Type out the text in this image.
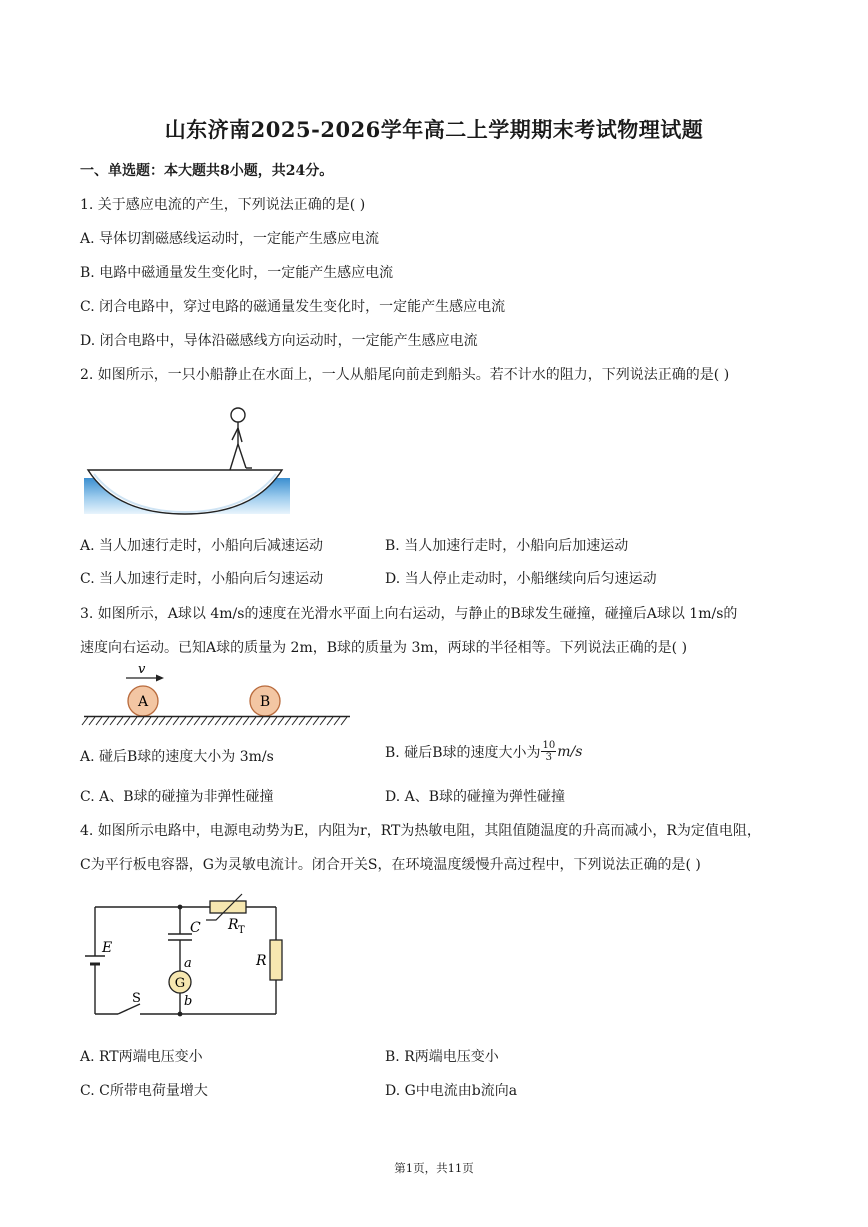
山东济南2025-2026学年高二上学期期末考试物理试题
一、单选题：本大题共8小题，共24分。
1. 关于感应电流的产生，下列说法正确的是( )
A. 导体切割磁感线运动时，一定能产生感应电流
B. 电路中磁通量发生变化时，一定能产生感应电流
C. 闭合电路中，穿过电路的磁通量发生变化时，一定能产生感应电流
D. 闭合电路中，导体沿磁感线方向运动时，一定能产生感应电流
2. 如图所示，一只小船静止在水面上，一人从船尾向前走到船头。若不计水的阻力，下列说法正确的是( )
A. 当人加速行走时，小船向后减速运动	B. 当人加速行走时，小船向后加速运动
C. 当人加速行走时，小船向后匀速运动	D. 当人停止走动时，小船继续向后匀速运动
3. 如图所示，A球以 4m/s的速度在光滑水平面上向右运动，与静止的B球发生碰撞，碰撞后A球以 1m/s的
速度向右运动。已知A球的质量为 2m，B球的质量为 3m，两球的半径相等。下列说法正确的是( )
v
A	B
A. 碰后B球的速度大小为 3m/s	B. 碰后B球的速度大小为 $\frac{10}{3} m/s$
C. A、B球的碰撞为非弹性碰撞	D. A、B球的碰撞为弹性碰撞
4. 如图所示电路中，电源电动势为E，内阻为r，RT为热敏电阻，其阻值随温度的升高而减小，R为定值电阻，
C为平行板电容器，G为灵敏电流计。闭合开关S，在环境温度缓慢升高过程中，下列说法正确的是( )
E
C R T
R
G
a
b
S
A. RT两端电压变小	B. R两端电压变小
C. C所带电荷量增大	D. G中电流由b流向a
第1页，共11页
